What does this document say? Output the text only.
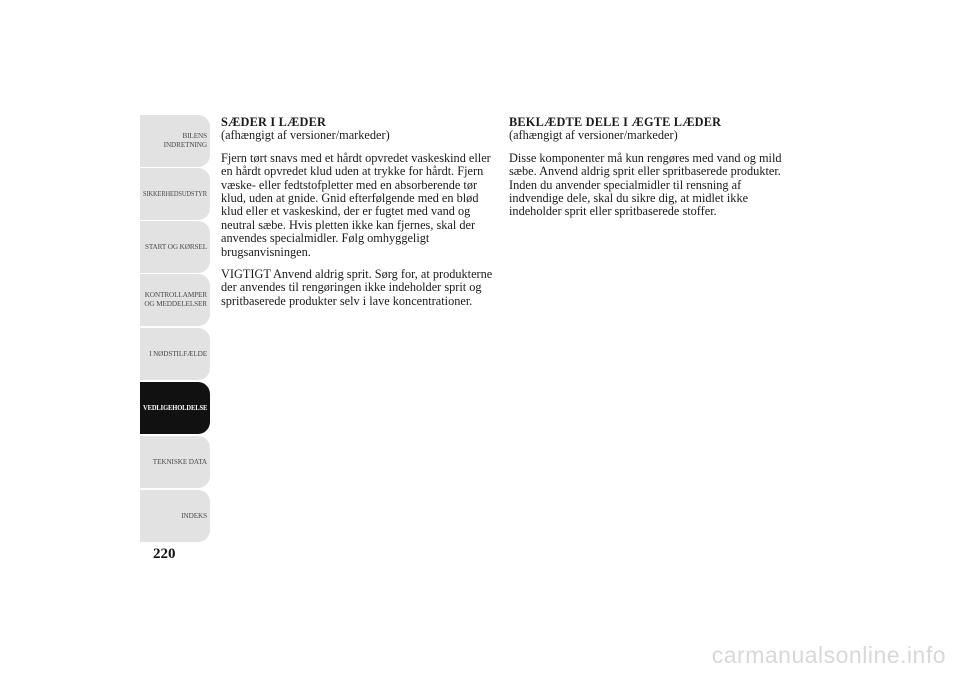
BILENS
INDRETNING
SIKKERHEDSUDSTYR
START OG KØRSEL
KONTROLLAMPER
OG MEDDELELSER
I NØDSTILFÆLDE
VEDLIGEHOLDELSE
TEKNISKE DATA
INDEKS
220
SÆDER I LÆDER
(afhængigt af versioner/markeder)

Fjern tørt snavs med et hårdt opvredet vaskeskind eller en hårdt opvredet klud uden at trykke for hårdt. Fjern væske- eller fedtstofpletter med en absorberende tør klud, uden at gnide. Gnid efterfølgende med en blød klud eller et vaskeskind, der er fugtet med vand og neutral sæbe. Hvis pletten ikke kan fjernes, skal der anvendes specialmidler. Følg omhyggeligt brugsanvisningen.

VIGTIGT Anvend aldrig sprit. Sørg for, at produkterne der anvendes til rengøringen ikke indeholder sprit og spritbaserede produkter selv i lave koncentrationer.

BEKLÆDTE DELE I ÆGTE LÆDER
(afhængigt af versioner/markeder)

Disse komponenter må kun rengøres med vand og mild sæbe. Anvend aldrig sprit eller spritbaserede produkter. Inden du anvender specialmidler til rensning af indvendige dele, skal du sikre dig, at midlet ikke indeholder sprit eller spritbaserede stoffer.

carmanualsonline.info
